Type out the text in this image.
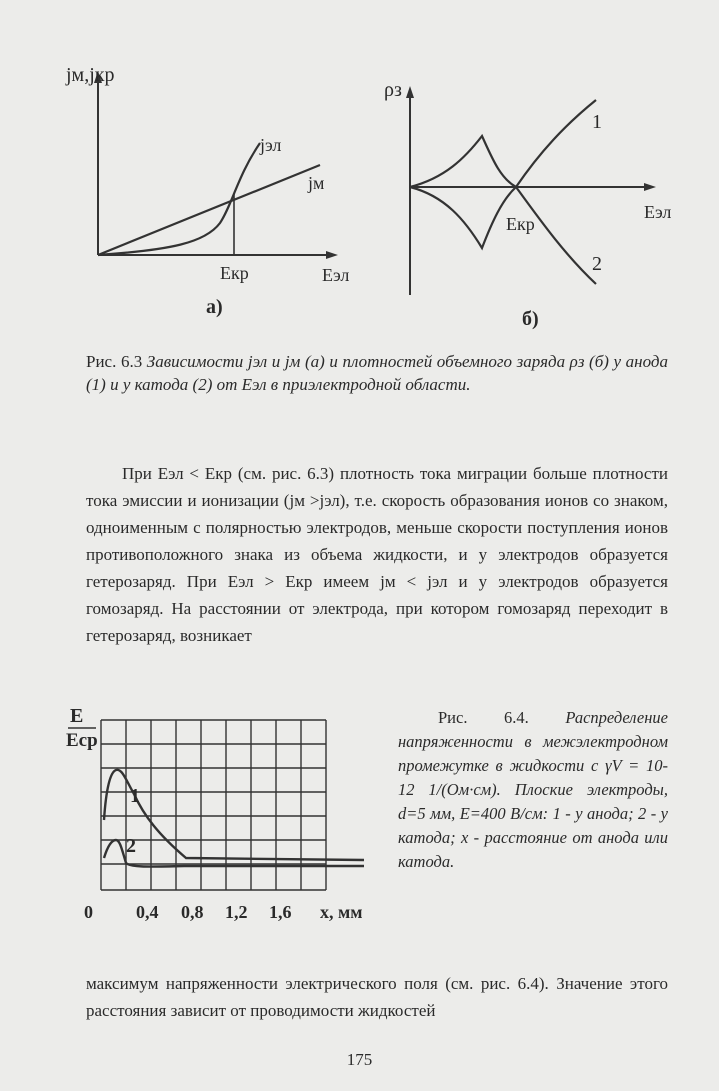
jм,jкр
jэл
jм
Eкр	Eэл
а)
ρз
1
2
Eкр
Eэл
б)
Рис. 6.3 Зависимости jэл и jм (а) и плотностей объемного заряда ρз (б) у анода (1) и у катода (2) от Eэл в приэлектродной области.
При Eэл < Eкр (см. рис. 6.3) плотность тока миграции больше плотности тока эмиссии и ионизации (jм >jэл), т.е. скорость образования ионов со знаком, одноименным с полярностью электродов, меньше скорости поступления ионов противоположного знака из объема жидкости, и у электродов образуется гетерозаряд. При Eэл > Eкр имеем jм < jэл и у электродов образуется гомозаряд. На расстоянии от электрода, при котором гомозаряд переходит в гетерозаряд, возникает
E
Eср
1
2
0 0,4 0,8 1,2 1,6 x, мм
Рис. 6.4. Распределение напряженности в межэлектродном промежутке в жидкости с γV = 10-12 1/(Ом·см). Плоские электроды, d=5 мм, E=400 В/см: 1 - у анода; 2 - у катода; x - расстояние от анода или катода.
максимум напряженности электрического поля (см. рис. 6.4). Значение этого расстояния зависит от проводимости жидкостей
175
